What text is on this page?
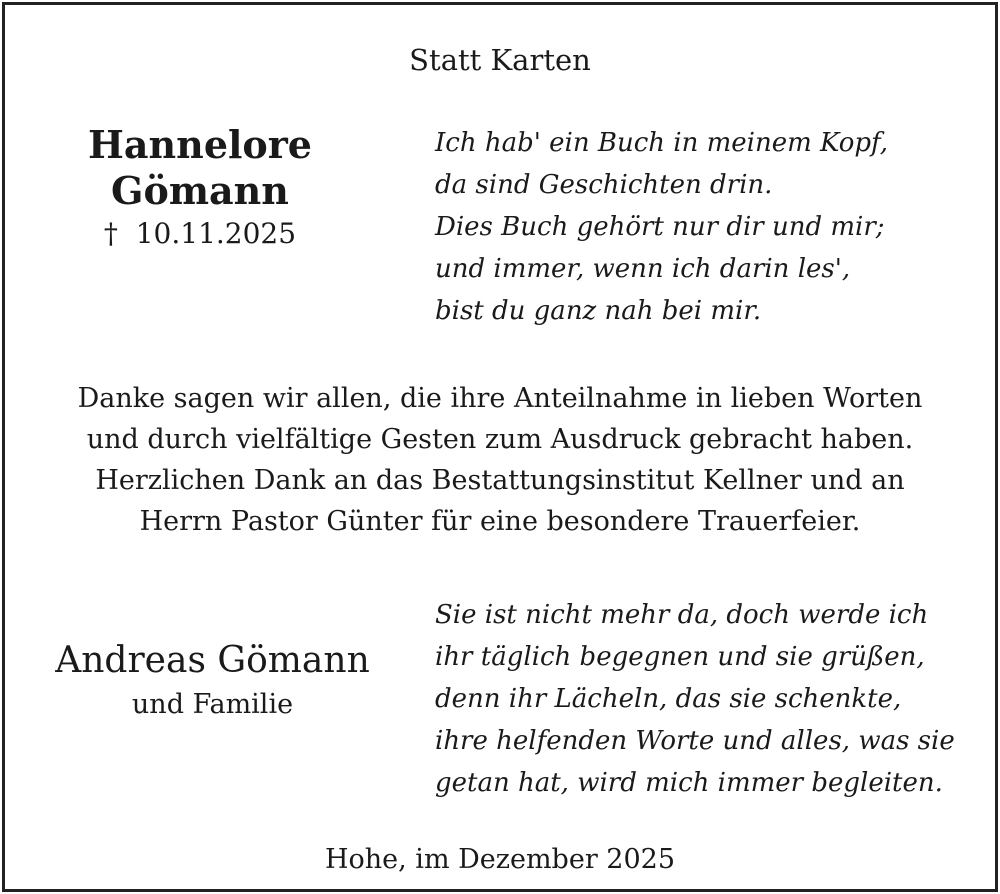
Statt Karten
Hannelore
Gömann
† 10.11.2025
Ich hab' ein Buch in meinem Kopf,
da sind Geschichten drin.
Dies Buch gehört nur dir und mir;
und immer, wenn ich darin les',
bist du ganz nah bei mir.
Danke sagen wir allen, die ihre Anteilnahme in lieben Worten
und durch vielfältige Gesten zum Ausdruck gebracht haben.
Herzlichen Dank an das Bestattungsinstitut Kellner und an
Herrn Pastor Günter für eine besondere Trauerfeier.
Andreas Gömann
und Familie
Sie ist nicht mehr da, doch werde ich
ihr täglich begegnen und sie grüßen,
denn ihr Lächeln, das sie schenkte,
ihre helfenden Worte und alles, was sie
getan hat, wird mich immer begleiten.
Hohe, im Dezember 2025
